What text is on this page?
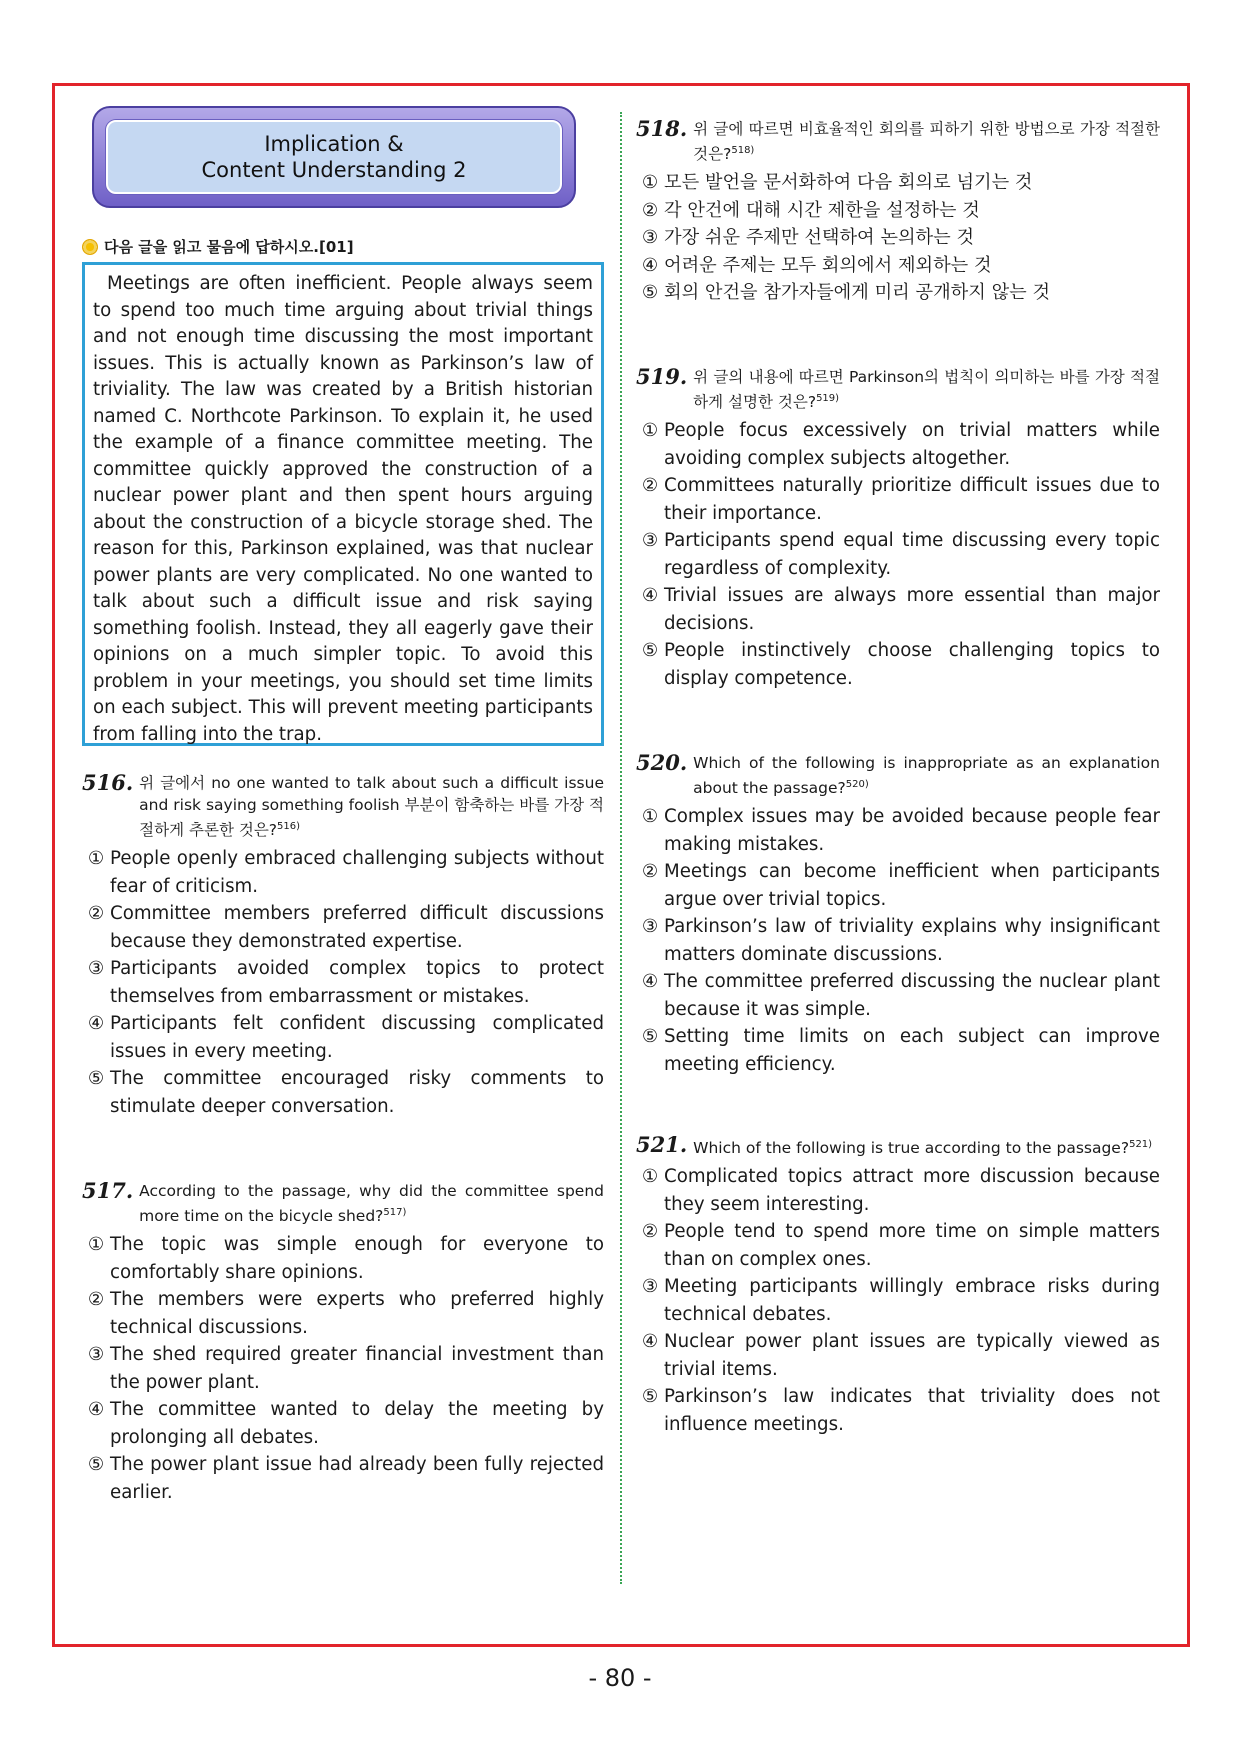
Implication &
Content Understanding 2
다음 글을 읽고 물음에 답하시오.[01]

Meetings are often inefficient. People always seem to spend too much time arguing about trivial things and not enough time discussing the most important issues. This is actually known as Parkinson’s law of triviality. The law was created by a British historian named C. Northcote Parkinson. To explain it, he used the example of a finance committee meeting. The committee quickly approved the construction of a nuclear power plant and then spent hours arguing about the construction of a bicycle storage shed. The reason for this, Parkinson explained, was that nuclear power plants are very complicated. No one wanted to talk about such a difficult issue and risk saying something foolish. Instead, they all eagerly gave their opinions on a much simpler topic. To avoid this problem in your meetings, you should set time limits on each subject. This will prevent meeting participants from falling into the trap.

516. 위 글에서 no one wanted to talk about such a difficult issue and risk saying something foolish 부분이 함축하는 바를 가장 적절하게 추론한 것은?$^{516)}$
① People openly embraced challenging subjects without fear of criticism.
② Committee members preferred difficult discussions because they demonstrated expertise.
③ Participants avoided complex topics to protect themselves from embarrassment or mistakes.
④ Participants felt confident discussing complicated issues in every meeting.
⑤ The committee encouraged risky comments to stimulate deeper conversation.
517. According to the passage, why did the committee spend more time on the bicycle shed?$^{517)}$
① The topic was simple enough for everyone to comfortably share opinions.
② The members were experts who preferred highly technical discussions.
③ The shed required greater financial investment than the power plant.
④ The committee wanted to delay the meeting by prolonging all debates.
⑤ The power plant issue had already been fully rejected earlier.
518. 위 글에 따르면 비효율적인 회의를 피하기 위한 방법으로 가장 적절한 것은?$^{518)}$
① 모든 발언을 문서화하여 다음 회의로 넘기는 것
② 각 안건에 대해 시간 제한을 설정하는 것
③ 가장 쉬운 주제만 선택하여 논의하는 것
④ 어려운 주제는 모두 회의에서 제외하는 것
⑤ 회의 안건을 참가자들에게 미리 공개하지 않는 것
519. 위 글의 내용에 따르면 Parkinson의 법칙이 의미하는 바를 가장 적절하게 설명한 것은?$^{519)}$
① People focus excessively on trivial matters while avoiding complex subjects altogether.
② Committees naturally prioritize difficult issues due to their importance.
③ Participants spend equal time discussing every topic regardless of complexity.
④ Trivial issues are always more essential than major decisions.
⑤ People instinctively choose challenging topics to display competence.
520. Which of the following is inappropriate as an explanation about the passage?$^{520)}$
① Complex issues may be avoided because people fear making mistakes.
② Meetings can become inefficient when participants argue over trivial topics.
③ Parkinson’s law of triviality explains why insignificant matters dominate discussions.
④ The committee preferred discussing the nuclear plant because it was simple.
⑤ Setting time limits on each subject can improve meeting efficiency.
521. Which of the following is true according to the passage?$^{521)}$
① Complicated topics attract more discussion because they seem interesting.
② People tend to spend more time on simple matters than on complex ones.
③ Meeting participants willingly embrace risks during technical debates.
④ Nuclear power plant issues are typically viewed as trivial items.
⑤ Parkinson’s law indicates that triviality does not influence meetings.
- 80 -
